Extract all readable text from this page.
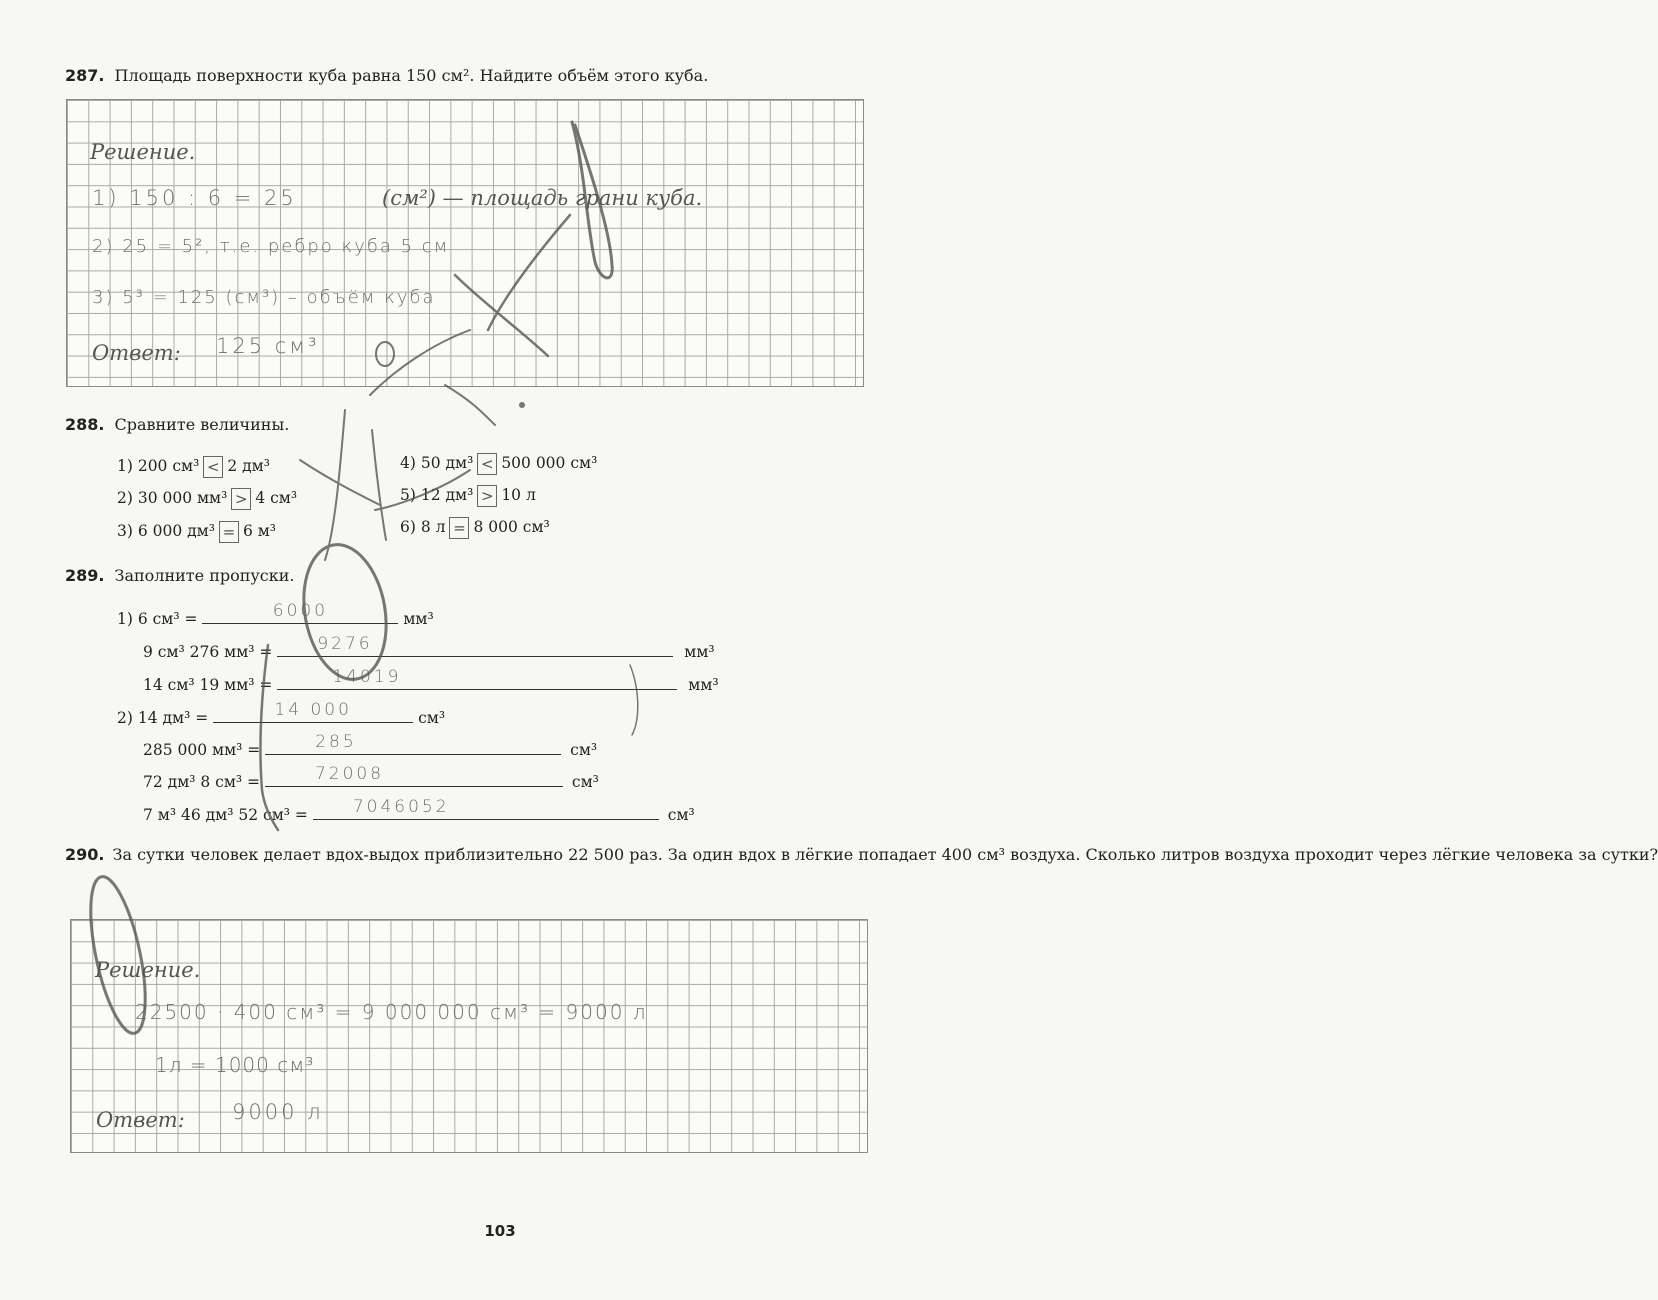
287. Площадь поверхности куба равна 150 см². Найдите объём этого куба.
Решение.
1) 150 : 6 = 25	(см²) — площадь грани куба.
2) 25 = 5², т.е. ребро куба 5 см
3) 5³ = 125 (см³) – объём куба
Ответ: 125 см³
288. Сравните величины.
1) 200 см³ < 2 дм³
2) 30 000 мм³ > 4 см³
3) 6 000 дм³ = 6 м³
4) 50 дм³ < 500 000 см³
5) 12 дм³ > 10 л
6) 8 л = 8 000 см³
289. Заполните пропуски.
1) 6 см³ =	6000	мм³
9 см³ 276 мм³ =	9276	мм³
14 см³ 19 мм³ =	14019	мм³
2) 14 дм³ =	14 000	см³
285 000 мм³ =	285	см³
72 дм³ 8 см³ =	72008	см³
7 м³ 46 дм³ 52 см³ =	7046052	см³
290. За сутки человек делает вдох-выдох приблизительно 22 500 раз. За один вдох в лёгкие попадает 400 см³ воздуха. Сколько литров воздуха проходит через лёгкие человека за сутки?
Решение.
22500 · 400 см³ = 9 000 000 см³ = 9000 л
1л = 1000 см³
Ответ: 9000 л
103
